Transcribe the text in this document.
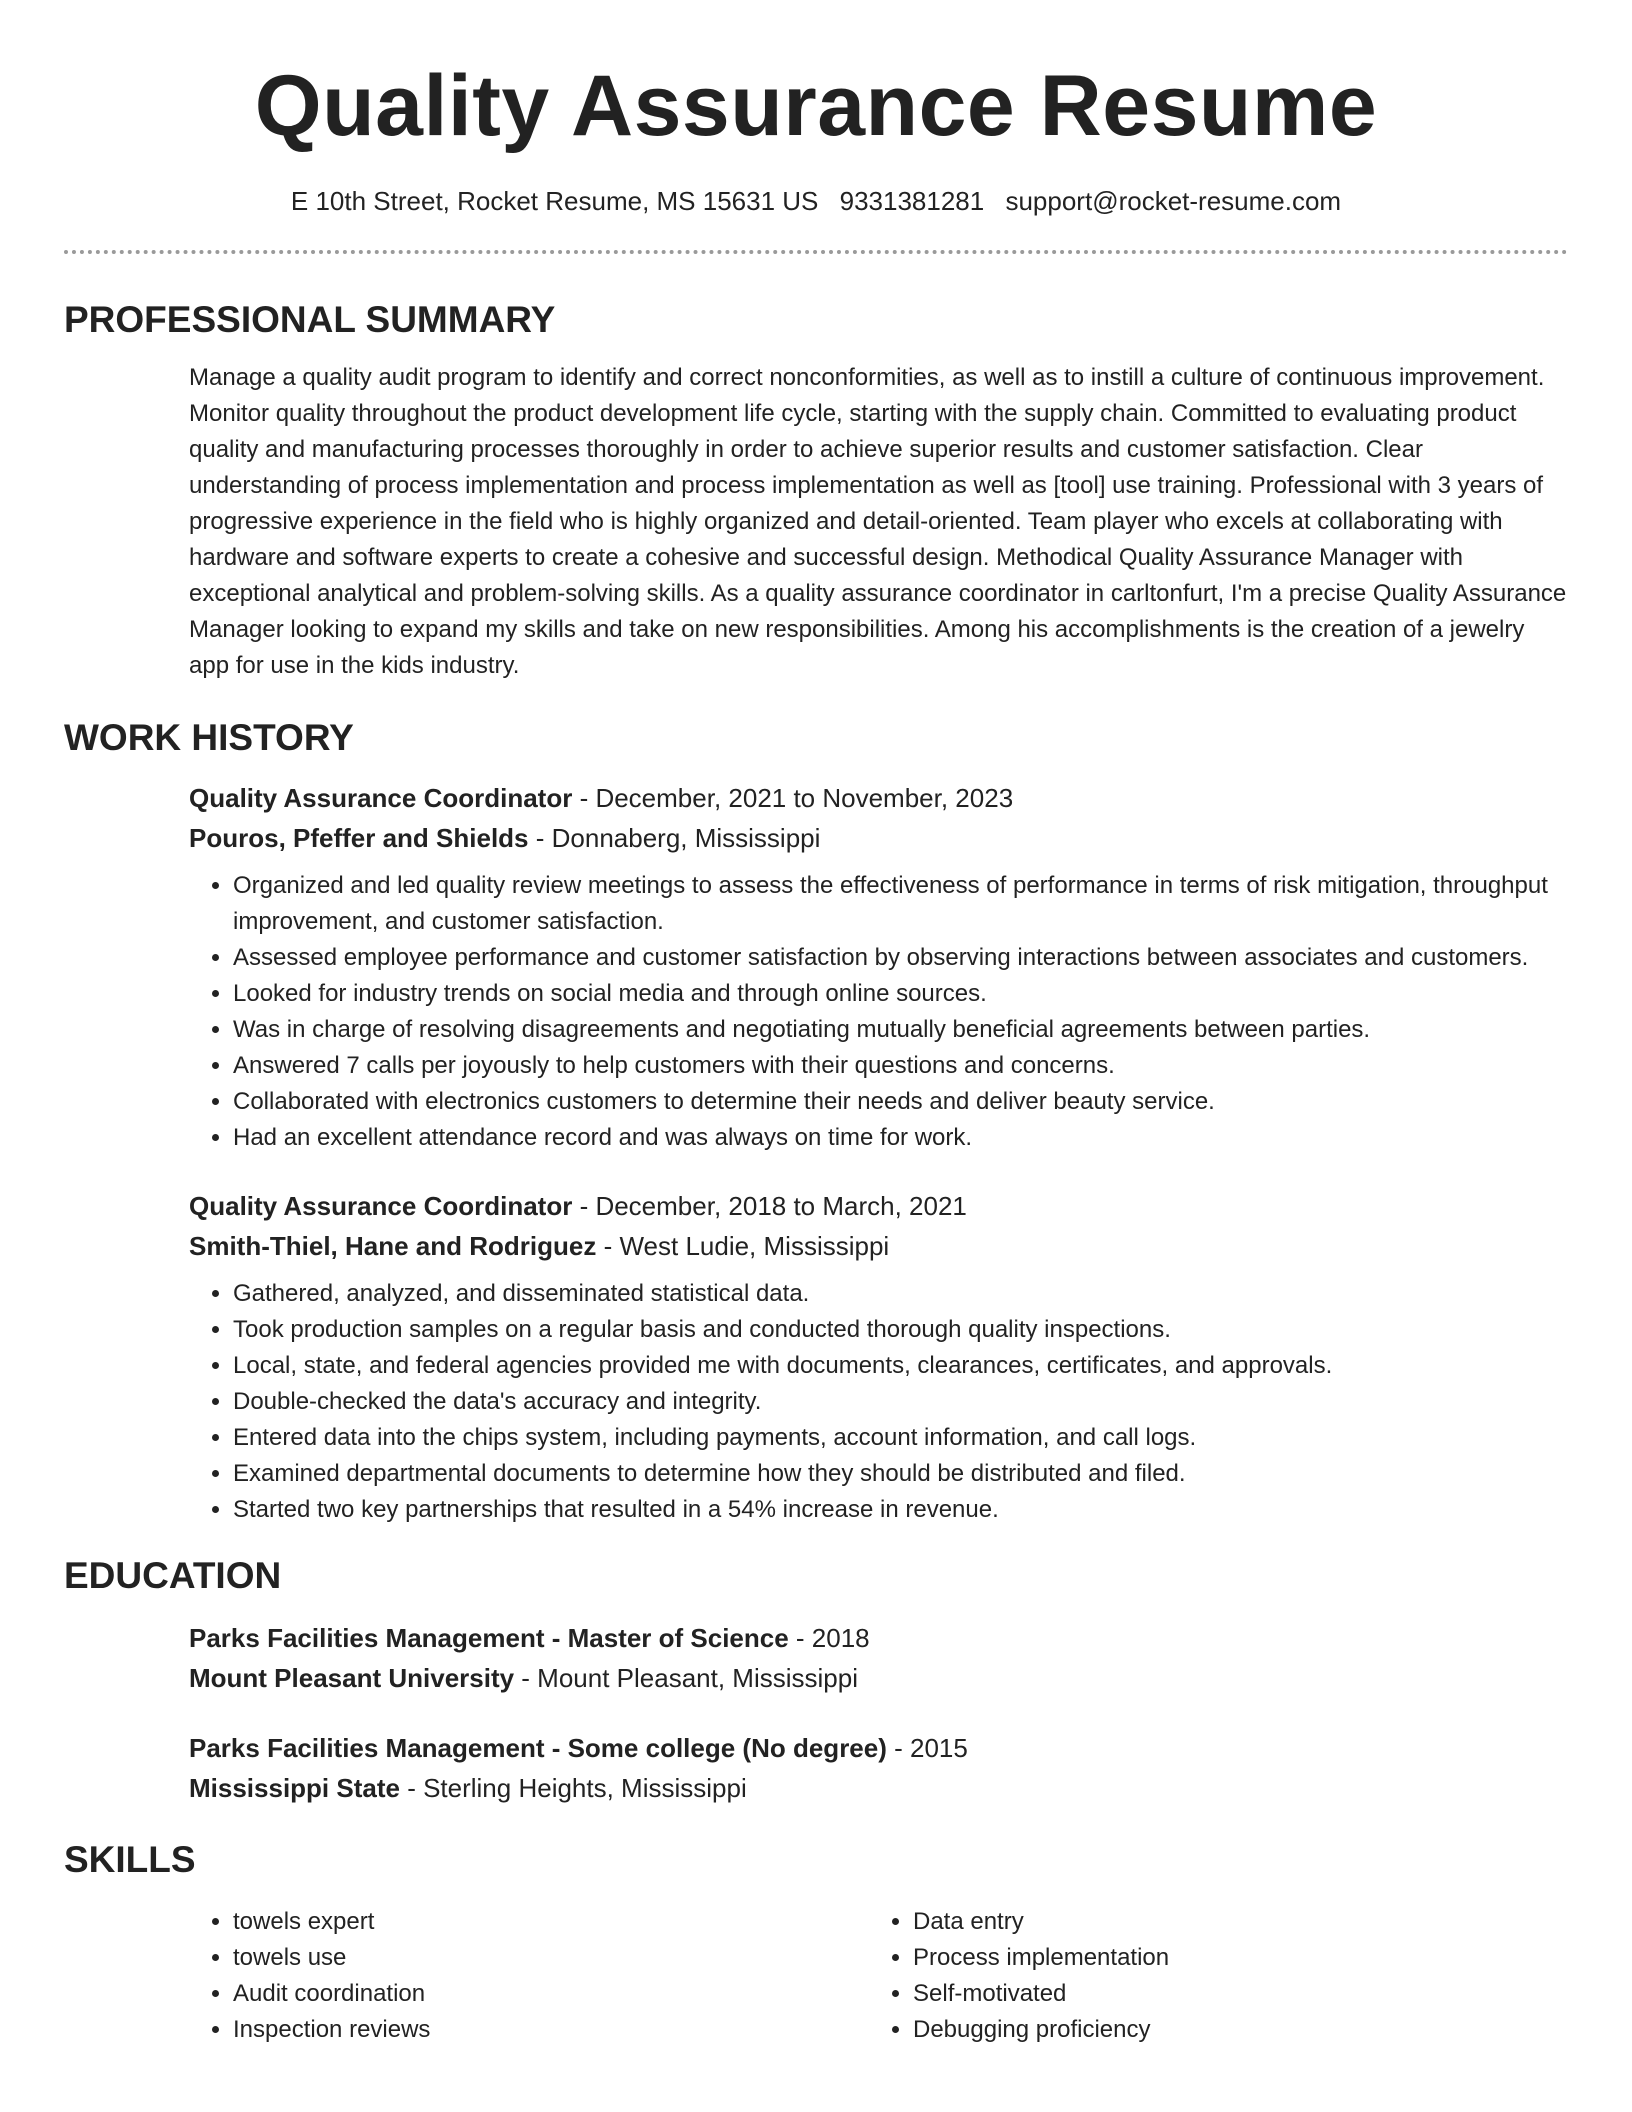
Quality Assurance Resume
E 10th Street, Rocket Resume, MS 15631 US 9331381281 support@rocket-resume.com
PROFESSIONAL SUMMARY
Manage a quality audit program to identify and correct nonconformities, as well as to instill a culture of continuous improvement. Monitor quality throughout the product development life cycle, starting with the supply chain. Committed to evaluating product quality and manufacturing processes thoroughly in order to achieve superior results and customer satisfaction. Clear understanding of process implementation and process implementation as well as [tool] use training. Professional with 3 years of progressive experience in the field who is highly organized and detail-oriented. Team player who excels at collaborating with hardware and software experts to create a cohesive and successful design. Methodical Quality Assurance Manager with exceptional analytical and problem-solving skills. As a quality assurance coordinator in carltonfurt, I'm a precise Quality Assurance Manager looking to expand my skills and take on new responsibilities. Among his accomplishments is the creation of a jewelry app for use in the kids industry.
WORK HISTORY
Quality Assurance Coordinator - December, 2021 to November, 2023
Pouros, Pfeffer and Shields - Donnaberg, Mississippi
• Organized and led quality review meetings to assess the effectiveness of performance in terms of risk mitigation, throughput improvement, and customer satisfaction.
• Assessed employee performance and customer satisfaction by observing interactions between associates and customers.
• Looked for industry trends on social media and through online sources.
• Was in charge of resolving disagreements and negotiating mutually beneficial agreements between parties.
• Answered 7 calls per joyously to help customers with their questions and concerns.
• Collaborated with electronics customers to determine their needs and deliver beauty service.
• Had an excellent attendance record and was always on time for work.
Quality Assurance Coordinator - December, 2018 to March, 2021
Smith-Thiel, Hane and Rodriguez - West Ludie, Mississippi
• Gathered, analyzed, and disseminated statistical data.
• Took production samples on a regular basis and conducted thorough quality inspections.
• Local, state, and federal agencies provided me with documents, clearances, certificates, and approvals.
• Double-checked the data's accuracy and integrity.
• Entered data into the chips system, including payments, account information, and call logs.
• Examined departmental documents to determine how they should be distributed and filed.
• Started two key partnerships that resulted in a 54% increase in revenue.
EDUCATION
Parks Facilities Management - Master of Science - 2018
Mount Pleasant University - Mount Pleasant, Mississippi
Parks Facilities Management - Some college (No degree) - 2015
Mississippi State - Sterling Heights, Mississippi
SKILLS
• towels expert
• towels use
• Audit coordination
• Inspection reviews
• Data entry
• Process implementation
• Self-motivated
• Debugging proficiency
